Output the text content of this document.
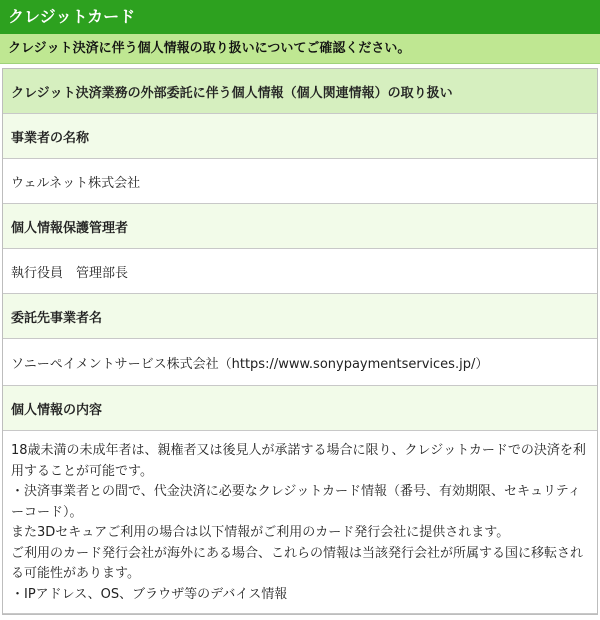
クレジットカード
クレジット決済に伴う個人情報の取り扱いについてご確認ください。
クレジット決済業務の外部委託に伴う個人情報（個人関連情報）の取り扱い
事業者の名称
ウェルネット株式会社
個人情報保護管理者
執行役員　管理部長
委託先事業者名
ソニーペイメントサービス株式会社（https://www.sonypaymentservices.jp/）
個人情報の内容

18歳未満の未成年者は、親権者又は後見人が承諾する場合に限り、クレジットカードでの決済を利用することが可能です。

・決済事業者との間で、代金決済に必要なクレジットカード情報（番号、有効期限、セキュリティーコード）。

また3Dセキュアご利用の場合は以下情報がご利用のカード発行会社に提供されます。

ご利用のカード発行会社が海外にある場合、これらの情報は当該発行会社が所属する国に移転される可能性があります。

・IPアドレス、OS、ブラウザ等のデバイス情報
